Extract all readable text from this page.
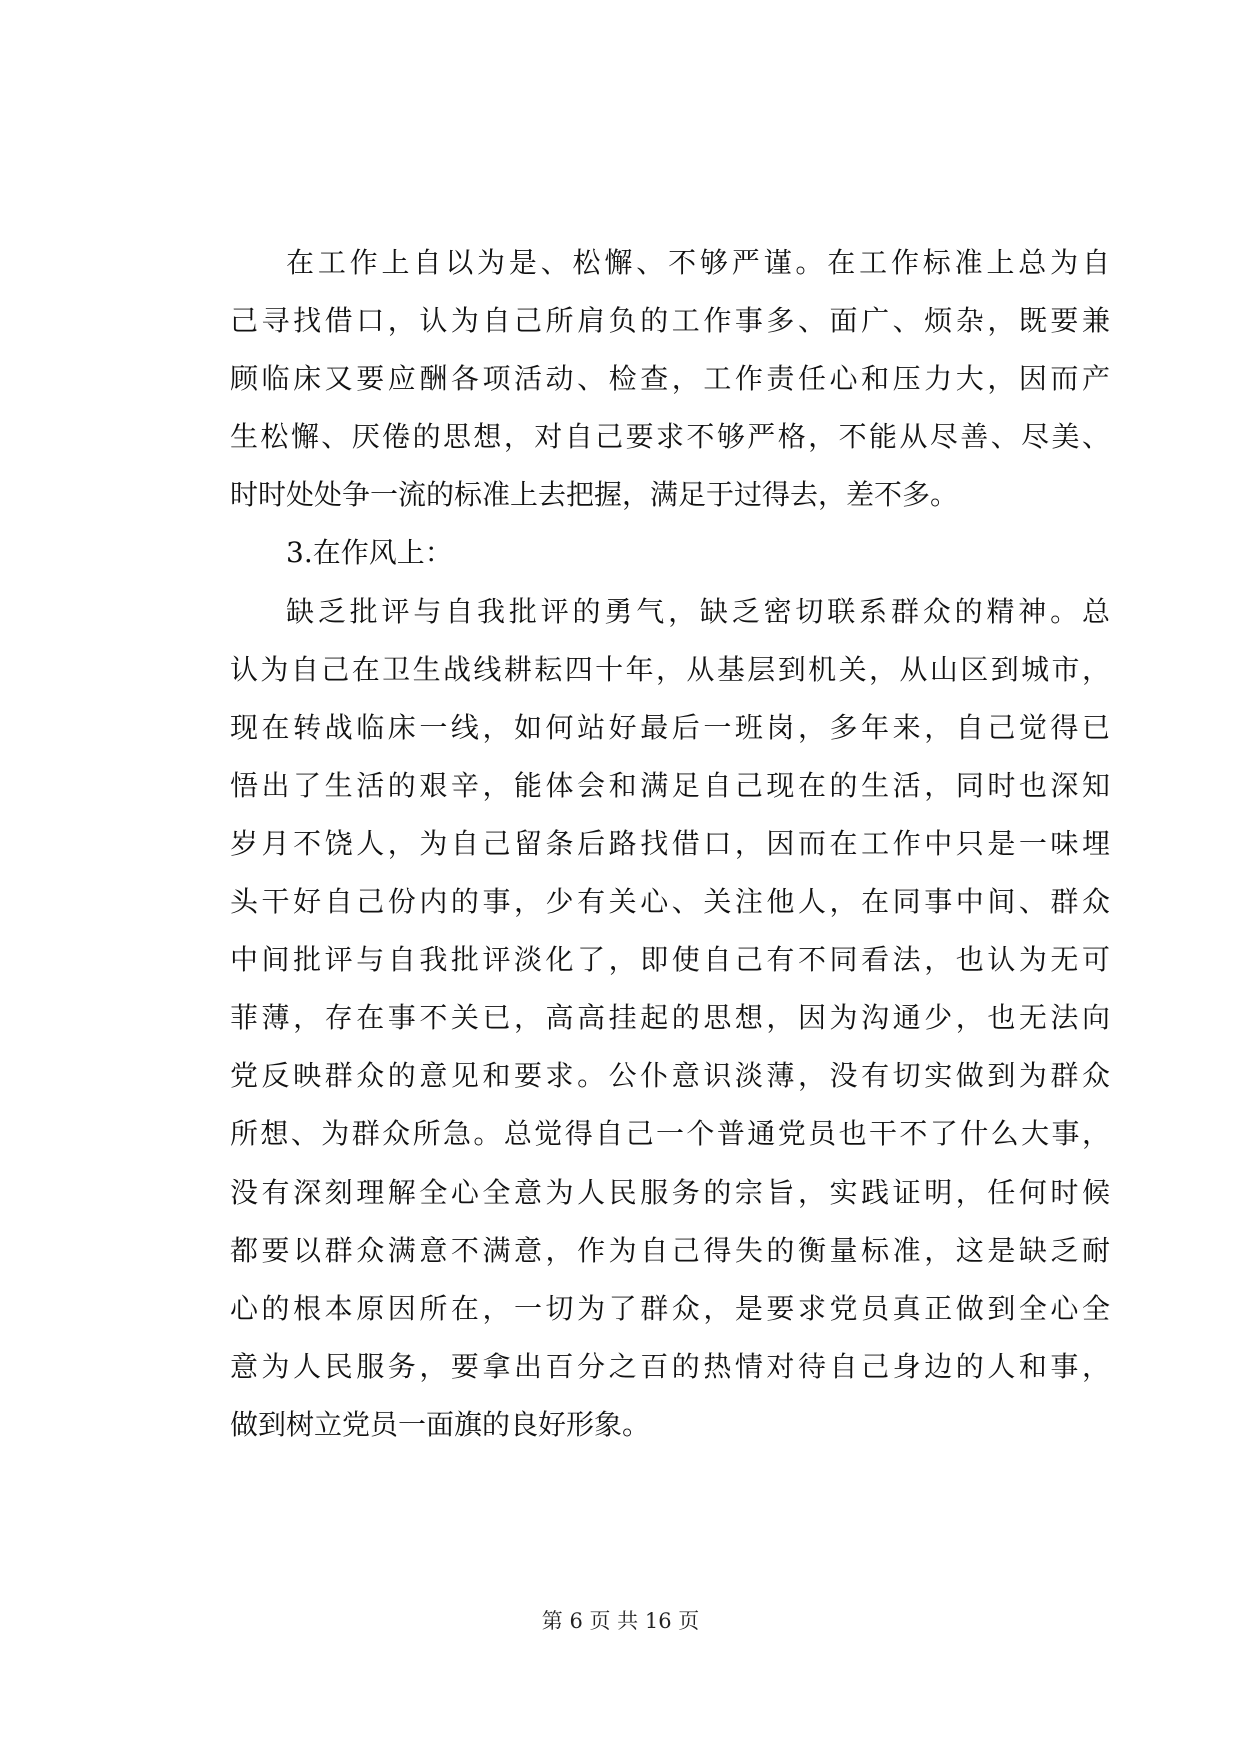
在工作上自以为是、松懈、不够严谨。在工作标准上总为自
己寻找借口，认为自己所肩负的工作事多、面广、烦杂，既要兼
顾临床又要应酬各项活动、检查，工作责任心和压力大，因而产
生松懈、厌倦的思想，对自己要求不够严格，不能从尽善、尽美、
时时处处争一流的标准上去把握，满足于过得去，差不多。
3.在作风上：
缺乏批评与自我批评的勇气，缺乏密切联系群众的精神。总
认为自己在卫生战线耕耘四十年，从基层到机关，从山区到城市，
现在转战临床一线，如何站好最后一班岗，多年来，自己觉得已
悟出了生活的艰辛，能体会和满足自己现在的生活，同时也深知
岁月不饶人，为自己留条后路找借口，因而在工作中只是一味埋
头干好自己份内的事，少有关心、关注他人，在同事中间、群众
中间批评与自我批评淡化了，即使自己有不同看法，也认为无可
菲薄，存在事不关已，高高挂起的思想，因为沟通少，也无法向
党反映群众的意见和要求。公仆意识淡薄，没有切实做到为群众
所想、为群众所急。总觉得自己一个普通党员也干不了什么大事，
没有深刻理解全心全意为人民服务的宗旨，实践证明，任何时候
都要以群众满意不满意，作为自己得失的衡量标准，这是缺乏耐
心的根本原因所在，一切为了群众，是要求党员真正做到全心全
意为人民服务，要拿出百分之百的热情对待自己身边的人和事，
做到树立党员一面旗的良好形象。
第 6 页 共 16 页
